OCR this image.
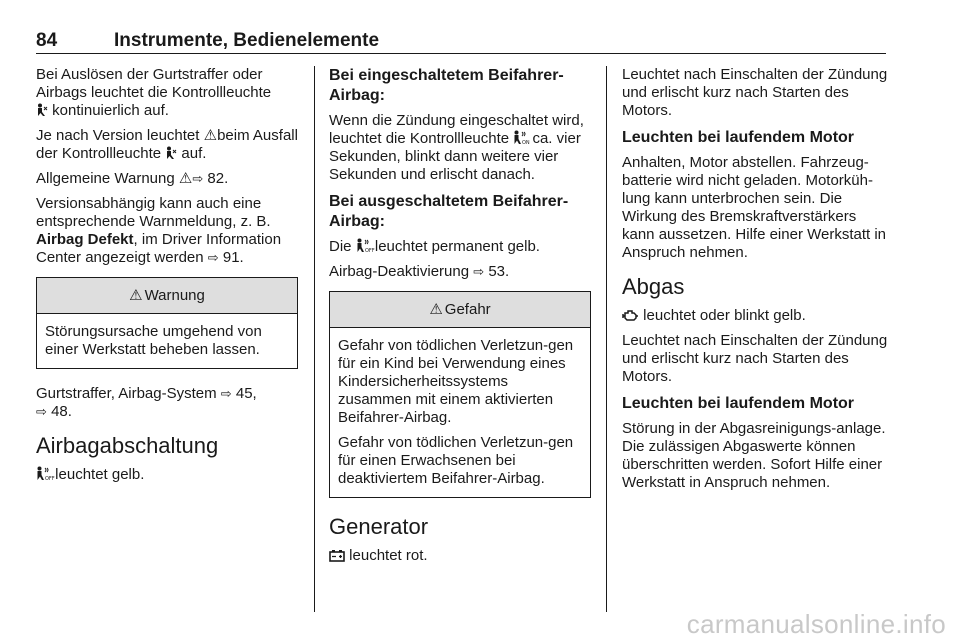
84	Instrumente, Bedienelemente

Bei Auslösen der Gurtstraffer oder Airbags leuchtet die Kontrollleuchte
kontinuierlich auf.

Je nach Version leuchtet ⚠beim Ausfall der Kontrollleuchte auf.

Allgemeine Warnung ⚠⇨ 82.

Versionsabhängig kann auch eine entsprechende Warnmeldung, z. B. Airbag Defekt, im Driver Information Center angezeigt werden ⇨ 91.

⚠ Warnung

Störungsursache umgehend von einer Werkstatt beheben lassen.

Gurtstraffer, Airbag-System ⇨ 45,
⇨ 48.

Airbagabschaltung

OFF leuchtet gelb.

Bei eingeschaltetem Beifahrer-Airbag:

Wenn die Zündung eingeschaltet wird, leuchtet die Kontrollleuchte	ON ca. vier Sekunden, blinkt dann weitere vier Sekunden und erlischt danach.

Bei ausgeschaltetem Beifahrer-Airbag:

Die	OFF leuchtet permanent gelb.

Airbag-Deaktivierung ⇨ 53.

⚠ Gefahr

Gefahr von tödlichen Verletzun-gen für ein Kind bei Verwendung eines Kindersicherheitssystems zusammen mit einem aktivierten Beifahrer-Airbag.

Gefahr von tödlichen Verletzun-gen für einen Erwachsenen bei deaktiviertem Beifahrer-Airbag.

Generator

leuchtet rot.

Leuchtet nach Einschalten der Zündung und erlischt kurz nach Starten des Motors.

Leuchten bei laufendem Motor

Anhalten, Motor abstellen. Fahrzeug-batterie wird nicht geladen. Motorküh-lung kann unterbrochen sein. Die Wirkung des Bremskraftverstärkers kann aussetzen. Hilfe einer Werkstatt in Anspruch nehmen.

Abgas

leuchtet oder blinkt gelb.

Leuchtet nach Einschalten der Zündung und erlischt kurz nach Starten des Motors.

Leuchten bei laufendem Motor

Störung in der Abgasreinigungs-anlage. Die zulässigen Abgaswerte können überschritten werden. Sofort Hilfe einer Werkstatt in Anspruch nehmen.

carmanualsonline.info
